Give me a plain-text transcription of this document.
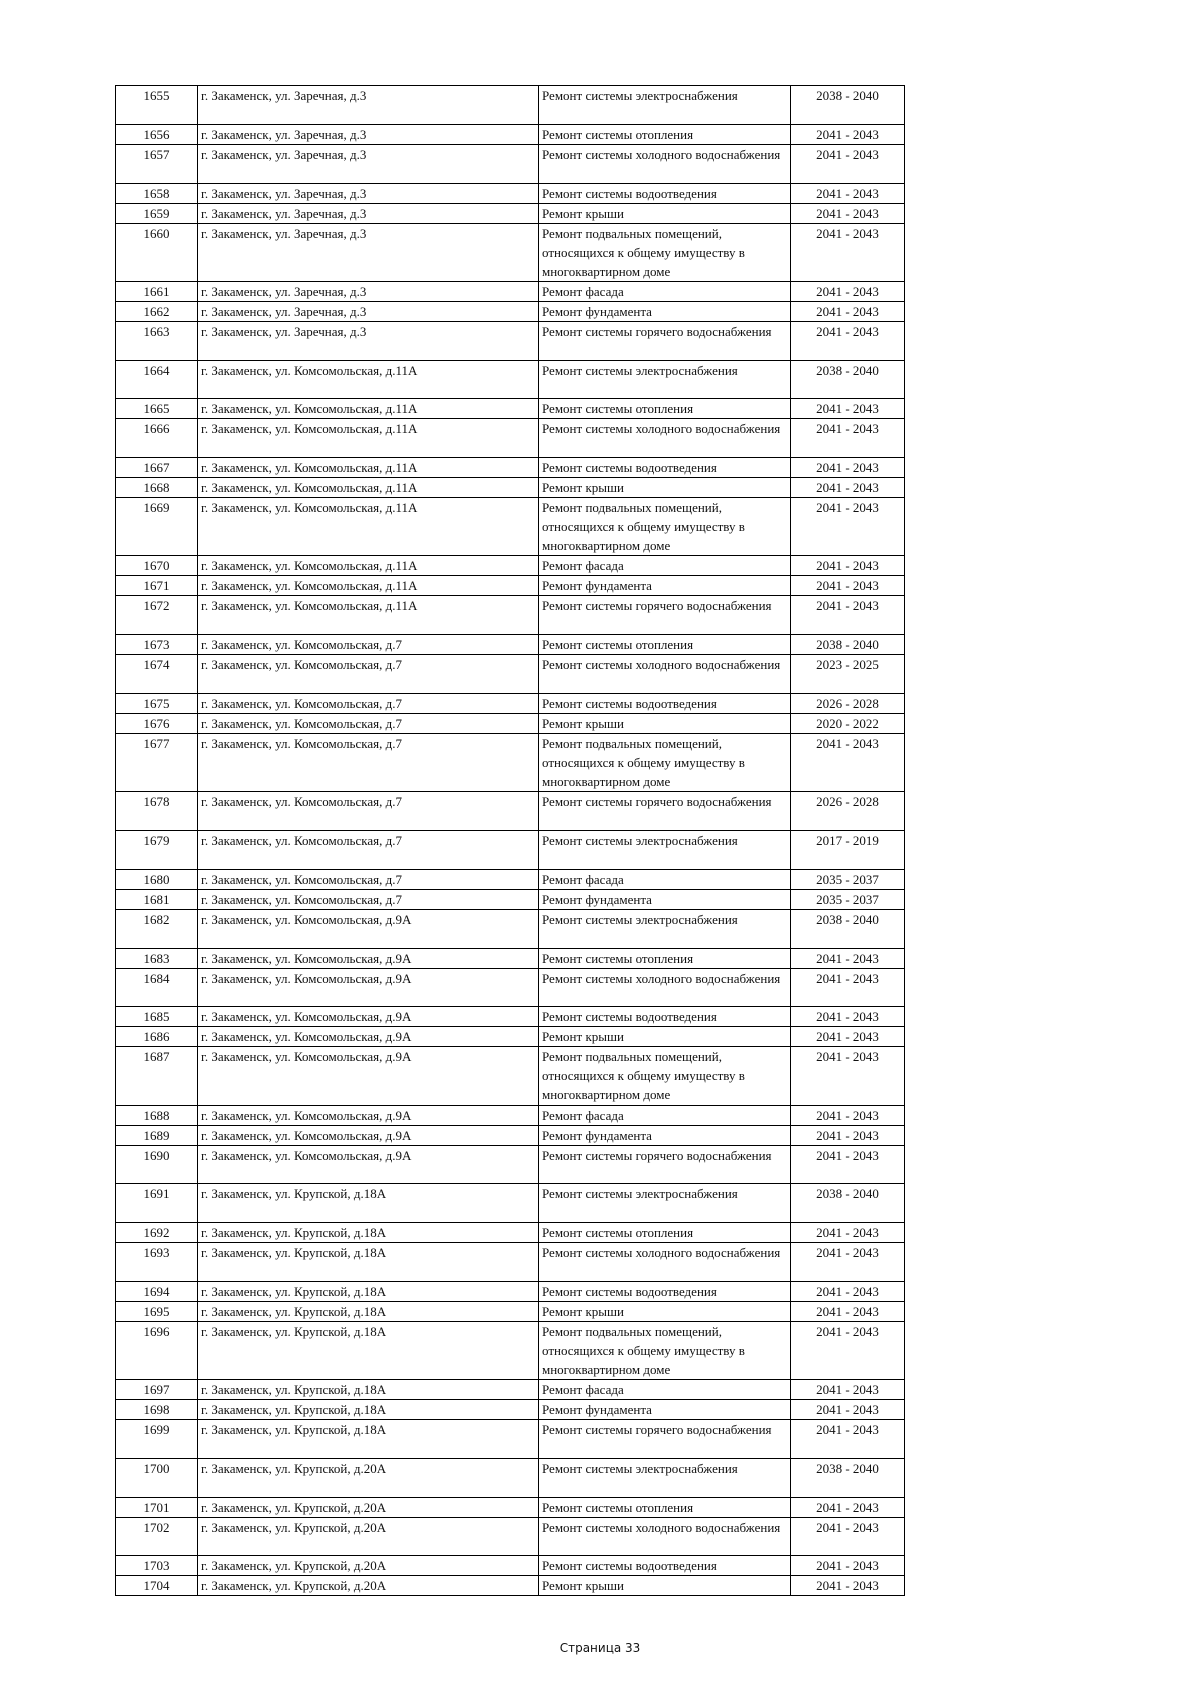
1655	г. Закаменск, ул. Заречная, д.3	Ремонт системы электроснабжения	2038 - 2040
1656	г. Закаменск, ул. Заречная, д.3	Ремонт системы отопления	2041 - 2043
1657	г. Закаменск, ул. Заречная, д.3	Ремонт системы холодного водоснабжения	2041 - 2043
1658	г. Закаменск, ул. Заречная, д.3	Ремонт системы водоотведения	2041 - 2043
1659	г. Закаменск, ул. Заречная, д.3	Ремонт крыши	2041 - 2043
1660	г. Закаменск, ул. Заречная, д.3	Ремонт подвальных помещений, относящихся к общему имуществу в многоквартирном доме	2041 - 2043
1661	г. Закаменск, ул. Заречная, д.3	Ремонт фасада	2041 - 2043
1662	г. Закаменск, ул. Заречная, д.3	Ремонт фундамента	2041 - 2043
1663	г. Закаменск, ул. Заречная, д.3	Ремонт системы горячего водоснабжения	2041 - 2043
1664	г. Закаменск, ул. Комсомольская, д.11А	Ремонт системы электроснабжения	2038 - 2040
1665	г. Закаменск, ул. Комсомольская, д.11А	Ремонт системы отопления	2041 - 2043
1666	г. Закаменск, ул. Комсомольская, д.11А	Ремонт системы холодного водоснабжения	2041 - 2043
1667	г. Закаменск, ул. Комсомольская, д.11А	Ремонт системы водоотведения	2041 - 2043
1668	г. Закаменск, ул. Комсомольская, д.11А	Ремонт крыши	2041 - 2043
1669	г. Закаменск, ул. Комсомольская, д.11А	Ремонт подвальных помещений, относящихся к общему имуществу в многоквартирном доме	2041 - 2043
1670	г. Закаменск, ул. Комсомольская, д.11А	Ремонт фасада	2041 - 2043
1671	г. Закаменск, ул. Комсомольская, д.11А	Ремонт фундамента	2041 - 2043
1672	г. Закаменск, ул. Комсомольская, д.11А	Ремонт системы горячего водоснабжения	2041 - 2043
1673	г. Закаменск, ул. Комсомольская, д.7	Ремонт системы отопления	2038 - 2040
1674	г. Закаменск, ул. Комсомольская, д.7	Ремонт системы холодного водоснабжения	2023 - 2025
1675	г. Закаменск, ул. Комсомольская, д.7	Ремонт системы водоотведения	2026 - 2028
1676	г. Закаменск, ул. Комсомольская, д.7	Ремонт крыши	2020 - 2022
1677	г. Закаменск, ул. Комсомольская, д.7	Ремонт подвальных помещений, относящихся к общему имуществу в многоквартирном доме	2041 - 2043
1678	г. Закаменск, ул. Комсомольская, д.7	Ремонт системы горячего водоснабжения	2026 - 2028
1679	г. Закаменск, ул. Комсомольская, д.7	Ремонт системы электроснабжения	2017 - 2019
1680	г. Закаменск, ул. Комсомольская, д.7	Ремонт фасада	2035 - 2037
1681	г. Закаменск, ул. Комсомольская, д.7	Ремонт фундамента	2035 - 2037
1682	г. Закаменск, ул. Комсомольская, д.9А	Ремонт системы электроснабжения	2038 - 2040
1683	г. Закаменск, ул. Комсомольская, д.9А	Ремонт системы отопления	2041 - 2043
1684	г. Закаменск, ул. Комсомольская, д.9А	Ремонт системы холодного водоснабжения	2041 - 2043
1685	г. Закаменск, ул. Комсомольская, д.9А	Ремонт системы водоотведения	2041 - 2043
1686	г. Закаменск, ул. Комсомольская, д.9А	Ремонт крыши	2041 - 2043
1687	г. Закаменск, ул. Комсомольская, д.9А	Ремонт подвальных помещений, относящихся к общему имуществу в многоквартирном доме	2041 - 2043
1688	г. Закаменск, ул. Комсомольская, д.9А	Ремонт фасада	2041 - 2043
1689	г. Закаменск, ул. Комсомольская, д.9А	Ремонт фундамента	2041 - 2043
1690	г. Закаменск, ул. Комсомольская, д.9А	Ремонт системы горячего водоснабжения	2041 - 2043
1691	г. Закаменск, ул. Крупской, д.18А	Ремонт системы электроснабжения	2038 - 2040
1692	г. Закаменск, ул. Крупской, д.18А	Ремонт системы отопления	2041 - 2043
1693	г. Закаменск, ул. Крупской, д.18А	Ремонт системы холодного водоснабжения	2041 - 2043
1694	г. Закаменск, ул. Крупской, д.18А	Ремонт системы водоотведения	2041 - 2043
1695	г. Закаменск, ул. Крупской, д.18А	Ремонт крыши	2041 - 2043
1696	г. Закаменск, ул. Крупской, д.18А	Ремонт подвальных помещений, относящихся к общему имуществу в многоквартирном доме	2041 - 2043
1697	г. Закаменск, ул. Крупской, д.18А	Ремонт фасада	2041 - 2043
1698	г. Закаменск, ул. Крупской, д.18А	Ремонт фундамента	2041 - 2043
1699	г. Закаменск, ул. Крупской, д.18А	Ремонт системы горячего водоснабжения	2041 - 2043
1700	г. Закаменск, ул. Крупской, д.20А	Ремонт системы электроснабжения	2038 - 2040
1701	г. Закаменск, ул. Крупской, д.20А	Ремонт системы отопления	2041 - 2043
1702	г. Закаменск, ул. Крупской, д.20А	Ремонт системы холодного водоснабжения	2041 - 2043
1703	г. Закаменск, ул. Крупской, д.20А	Ремонт системы водоотведения	2041 - 2043
1704	г. Закаменск, ул. Крупской, д.20А	Ремонт крыши	2041 - 2043
Страница 33
